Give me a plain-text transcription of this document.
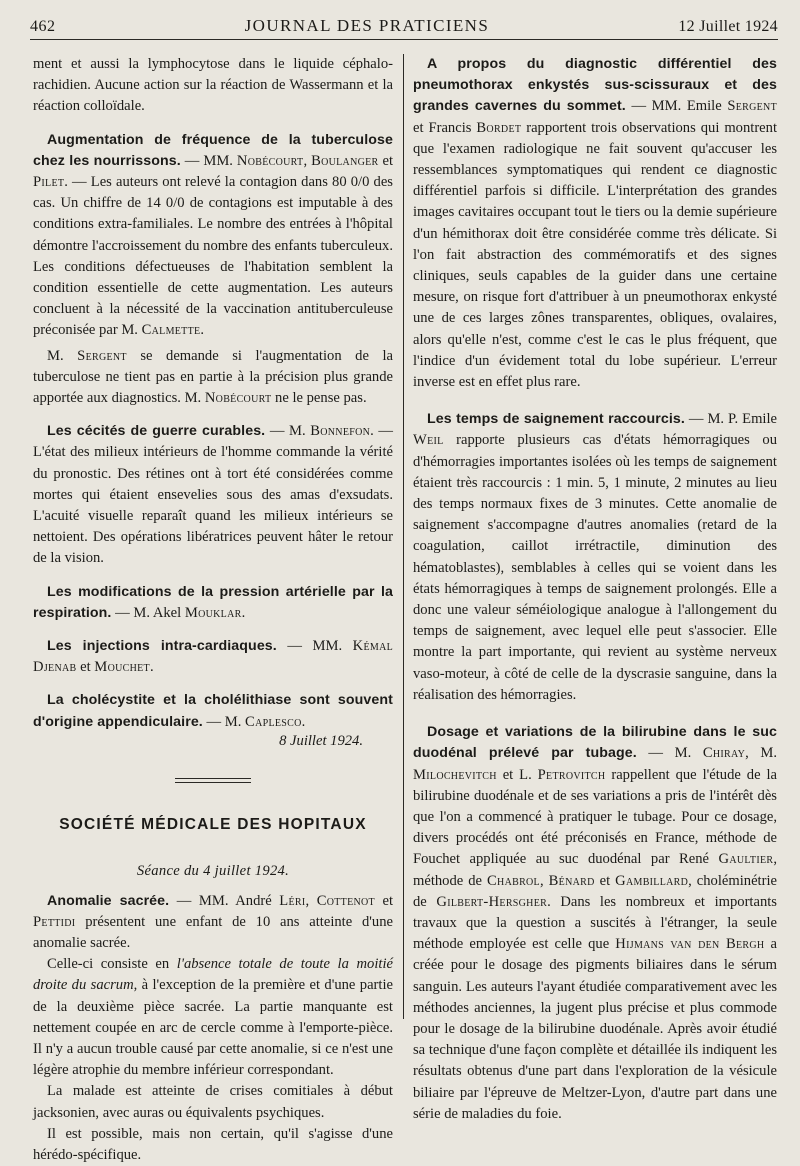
462	JOURNAL DES PRATICIENS	12 Juillet 1924

ment et aussi la lymphocytose dans le liquide céphalo-rachidien. Aucune action sur la réaction de Wassermann et la réaction colloïdale.

Augmentation de fréquence de la tuberculose chez les nourrissons. — MM. Nobécourt, Boulanger et Pilet. — Les auteurs ont relevé la contagion dans 80 0/0 des cas. Un chiffre de 14 0/0 de contagions est imputable à des conditions extra-familiales. Le nombre des entrées à l'hôpital démontre l'accroissement du nombre des enfants tuberculeux. Les conditions défectueuses de l'habitation semblent la condition essentielle de cette augmentation. Les auteurs concluent à la nécessité de la vaccination antituberculeuse préconisée par M. Calmette.

M. Sergent se demande si l'augmentation de la tuberculose ne tient pas en partie à la précision plus grande apportée aux diagnostics. M. Nobécourt ne le pense pas.

Les cécités de guerre curables. — M. Bonnefon. — L'état des milieux intérieurs de l'homme commande la vérité du pronostic. Des rétines ont à tort été considérées comme mortes qui étaient ensevelies sous des amas d'exsudats. L'acuité visuelle reparaît quand les milieux intérieurs se nettoient. Des opérations libératrices peuvent hâter le retour de la vision.

Les modifications de la pression artérielle par la respiration. — M. Akel Mouklar.

Les injections intra-cardiaques. — MM. Kémal Djenab et Mouchet.

La cholécystite et la cholélithiase sont souvent d'origine appendiculaire. — M. Caplesco.

8 Juillet 1924.
SOCIÉTÉ MÉDICALE DES HOPITAUX
Séance du 4 juillet 1924.

Anomalie sacrée. — MM. André Léri, Cottenot et Pettidi présentent une enfant de 10 ans atteinte d'une anomalie sacrée.

Celle-ci consiste en l'absence totale de toute la moitié droite du sacrum, à l'exception de la première et d'une partie de la deuxième pièce sacrée. La partie manquante est nettement coupée en arc de cercle comme à l'emporte-pièce. Il n'y a aucun trouble causé par cette anomalie, si ce n'est une légère atrophie du membre inférieur correspondant.

La malade est atteinte de crises comitiales à début jacksonien, avec auras ou équivalents psychiques.

Il est possible, mais non certain, qu'il s'agisse d'une hérédo-spécifique.

A propos du diagnostic différentiel des pneumothorax enkystés sus-scissuraux et des grandes cavernes du sommet. — MM. Emile Sergent et Francis Bordet rapportent trois observations qui montrent que l'examen radiologique ne fait souvent qu'accuser les ressemblances symptomatiques qui rendent ce diagnostic différentiel parfois si difficile. L'interprétation des grandes images cavitaires occupant tout le tiers ou la demie supérieure d'un hémithorax doit être considérée comme très délicate. Si l'on fait abstraction des commémoratifs et des signes cliniques, seuls capables de la guider dans une certaine mesure, on risque fort d'attribuer à un pneumothorax enkysté une de ces larges zônes transparentes, obliques, ovalaires, alors qu'elle n'est, comme c'est le cas le plus fréquent, que l'indice d'un évidement total du lobe supérieur. L'erreur inverse est en effet plus rare.

Les temps de saignement raccourcis. — M. P. Emile Weil rapporte plusieurs cas d'états hémorragiques ou d'hémorragies importantes isolées où les temps de saignement étaient très raccourcis : 1 min. 5, 1 minute, 2 minutes au lieu des temps normaux fixes de 3 minutes. Cette anomalie de saignement s'accompagne d'autres anomalies (retard de la coagulation, caillot irrétractile, diminution des hématoblastes), semblables à celles qui se voient dans les états hémorragiques à temps de saignement prolongés. Elle a donc une valeur séméiologique analogue à l'allongement du temps de saignement, avec lequel elle peut s'associer. Elle montre la part importante, qui revient au système nerveux vaso-moteur, à côté de celle de la dyscrasie sanguine, dans la réalisation des hémorragies.

Dosage et variations de la bilirubine dans le suc duodénal prélevé par tubage. — M. Chiray, M. Milochevitch et L. Petrovitch rappellent que l'étude de la bilirubine duodénale et de ses variations a pris de l'intérêt dès que l'on a commencé à pratiquer le tubage. Pour ce dosage, divers procédés ont été préconisés en France, méthode de Fouchet appliquée au suc duodénal par René Gaultier, méthode de Chabrol, Bénard et Gambillard, choléminétrie de Gilbert-Hersgher. Dans les nombreux et importants travaux que la question a suscités à l'étranger, la seule méthode employée est celle que Hijmans van den Bergh a créée pour le dosage des pigments biliaires dans le sérum sanguin. Les auteurs l'ayant étudiée comparativement avec les méthodes anciennes, la jugent plus précise et plus commode pour le dosage de la bilirubine duodénale. Après avoir étudié sa technique d'une façon complète et détaillée ils indiquent les résultats obtenus d'une part dans l'exploration de la vésicule biliaire par l'épreuve de Meltzer-Lyon, d'autre part dans une série de maladies du foie.
